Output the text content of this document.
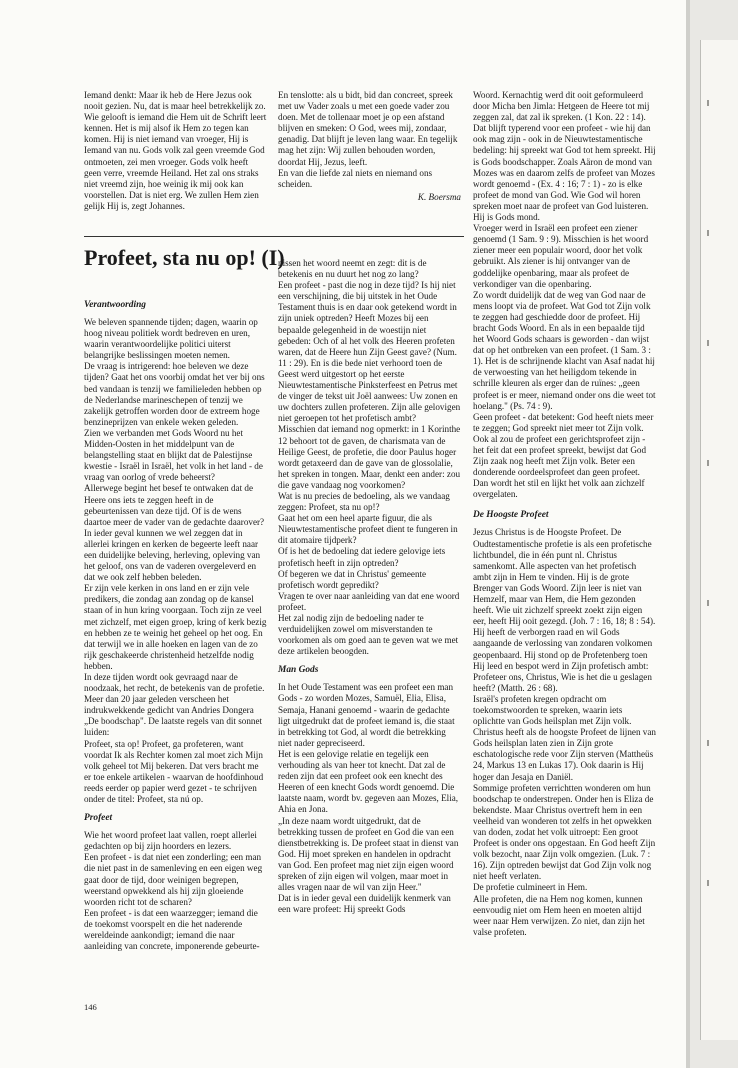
Iemand denkt: Maar ik heb de Here Jezus ook nooit gezien. Nu, dat is maar heel betrekkelijk zo. Wie gelooft is iemand die Hem uit de Schrift leert kennen. Het is mij alsof ik Hem zo tegen kan komen. Hij is niet iemand van vroeger, Hij is Iemand van nu. Gods volk zal geen vreemde God ontmoeten, zei men vroeger. Gods volk heeft geen verre, vreemde Heiland. Het zal ons straks niet vreemd zijn, hoe weinig ik mij ook kan voorstellen. Dat is niet erg. We zullen Hem zien gelijk Hij is, zegt Johannes.

En tenslotte: als u bidt, bid dan concreet, spreek met uw Vader zoals u met een goede vader zou doen. Met de tollenaar moet je op een afstand blijven en smeken: O God, wees mij, zondaar, genadig. Dat blijft je leven lang waar. En tegelijk mag het zijn: Wij zullen behouden worden, doordat Hij, Jezus, leeft.

En van die liefde zal niets en niemand ons scheiden.

K. Boersma

Profeet, sta nu op! (I)
Verantwoording

We beleven spannende tijden; dagen, waarin op hoog niveau politiek wordt bedreven en uren, waarin verantwoordelijke politici uiterst belangrijke beslissingen moeten nemen.

De vraag is intrigerend: hoe beleven we deze tijden? Gaat het ons voorbij omdat het ver bij ons bed vandaan is tenzij we familieleden hebben op de Nederlandse marineschepen of tenzij we zakelijk getroffen worden door de extreem hoge benzineprijzen van enkele weken geleden.

Zien we verbanden met Gods Woord nu het Midden-Oosten in het middelpunt van de belangstelling staat en blijkt dat de Palestijnse kwestie - Israël in Israël, het volk in het land - de vraag van oorlog of vrede beheerst?

Allerwege begint het besef te ontwaken dat de Heere ons iets te zeggen heeft in de gebeurtenissen van deze tijd. Of is de wens daartoe meer de vader van de gedachte daarover?

In ieder geval kunnen we wel zeggen dat in allerlei kringen en kerken de begeerte leeft naar een duidelijke beleving, herleving, opleving van het geloof, ons van de vaderen overgeleverd en dat we ook zelf hebben beleden.

Er zijn vele kerken in ons land en er zijn vele predikers, die zondag aan zondag op de kansel staan of in hun kring voorgaan. Toch zijn ze veel met zichzelf, met eigen groep, kring of kerk bezig en hebben ze te weinig het geheel op het oog. En dat terwijl we in alle hoeken en lagen van de zo rijk geschakeerde christenheid hetzelfde nodig hebben.

In deze tijden wordt ook gevraagd naar de noodzaak, het recht, de betekenis van de profetie.

Meer dan 20 jaar geleden verscheen het indrukwekkende gedicht van Andries Dongera „De boodschap". De laatste regels van dit sonnet luiden:

Profeet, sta op! Profeet, ga profeteren, want voordat Ik als Rechter komen zal moet zich Mijn volk geheel tot Mij bekeren. Dat vers bracht me er toe enkele artikelen - waarvan de hoofdinhoud reeds eerder op papier werd gezet - te schrijven onder de titel: Profeet, sta nú op.

Profeet

Wie het woord profeet laat vallen, roept allerlei gedachten op bij zijn hoorders en lezers.

Een profeet - is dat niet een zonderling; een man die niet past in de samenleving en een eigen weg gaat door de tijd, door weinigen begrepen, weerstand opwekkend als hij zijn gloeiende woorden richt tot de scharen?

Een profeet - is dat een waarzegger; iemand die de toekomst voorspelt en die het naderende wereldeinde aankondigt; iemand die naar aanleiding van concrete, imponerende gebeurte-

nissen het woord neemt en zegt: dit is de betekenis en nu duurt het nog zo lang?

Een profeet - past die nog in deze tijd? Is hij niet een verschijning, die bij uitstek in het Oude Testament thuis is en daar ook getekend wordt in zijn uniek optreden? Heeft Mozes bij een bepaalde gelegenheid in de woestijn niet gebeden: Och of al het volk des Heeren profeten waren, dat de Heere hun Zijn Geest gave? (Num. 11 : 29). En is die bede niet verhoord toen de Geest werd uitgestort op het eerste Nieuwtestamentische Pinksterfeest en Petrus met de vinger de tekst uit Joël aanwees: Uw zonen en uw dochters zullen profeteren. Zijn alle gelovigen niet geroepen tot het profetisch ambt?

Misschien dat iemand nog opmerkt: in 1 Korinthe 12 behoort tot de gaven, de charismata van de Heilige Geest, de profetie, die door Paulus hoger wordt getaxeerd dan de gave van de glossolalie, het spreken in tongen. Maar, denkt een ander: zou die gave vandaag nog voorkomen?

Wat is nu precies de bedoeling, als we vandaag zeggen: Profeet, sta nu op!?

Gaat het om een heel aparte figuur, die als Nieuwtestamentische profeet dient te fungeren in dit atomaire tijdperk?

Of is het de bedoeling dat iedere gelovige iets profetisch heeft in zijn optreden?

Of begeren we dat in Christus' gemeente profetisch wordt gepredikt?

Vragen te over naar aanleiding van dat ene woord profeet.

Het zal nodig zijn de bedoeling nader te verduidelijken zowel om misverstanden te voorkomen als om goed aan te geven wat we met deze artikelen beoogden.

Man Gods

In het Oude Testament was een profeet een man Gods - zo worden Mozes, Samuël, Elia, Elisa, Semaja, Hanani genoemd - waarin de gedachte ligt uitgedrukt dat de profeet iemand is, die staat in betrekking tot God, al wordt die betrekking niet nader gepreciseerd.

Het is een gelovige relatie en tegelijk een verhouding als van heer tot knecht. Dat zal de reden zijn dat een profeet ook een knecht des Heeren of een knecht Gods wordt genoemd. Die laatste naam, wordt bv. gegeven aan Mozes, Elia, Ahia en Jona.

„In deze naam wordt uitgedrukt, dat de betrekking tussen de profeet en God die van een dienstbetrekking is. De profeet staat in dienst van God. Hij moet spreken en handelen in opdracht van God. Een profeet mag niet zijn eigen woord spreken of zijn eigen wil volgen, maar moet in alles vragen naar de wil van zijn Heer."

Dat is in ieder geval een duidelijk kenmerk van een ware profeet: Hij spreekt Gods

Woord. Kernachtig werd dit ooit geformuleerd door Micha ben Jimla: Hetgeen de Heere tot mij zeggen zal, dat zal ik spreken. (1 Kon. 22 : 14).

Dat blijft typerend voor een profeet - wie hij dan ook mag zijn - ook in de Nieuwtestamentische bedeling: hij spreekt wat God tot hem spreekt. Hij is Gods boodschapper. Zoals Aäron de mond van Mozes was en daarom zelfs de profeet van Mozes wordt genoemd - (Ex. 4 : 16; 7 : 1) - zo is elke profeet de mond van God. Wie God wil horen spreken moet naar de profeet van God luisteren. Hij is Gods mond.

Vroeger werd in Israël een profeet een ziener genoemd (1 Sam. 9 : 9). Misschien is het woord ziener meer een populair woord, door het volk gebruikt. Als ziener is hij ontvanger van de goddelijke openbaring, maar als profeet de verkondiger van die openbaring.

Zo wordt duidelijk dat de weg van God naar de mens loopt via de profeet. Wat God tot Zijn volk te zeggen had geschiedde door de profeet. Hij bracht Gods Woord. En als in een bepaalde tijd het Woord Gods schaars is geworden - dan wijst dat op het ontbreken van een profeet. (1 Sam. 3 : 1). Het is de schrijnende klacht van Asaf nadat hij de verwoesting van het heiligdom tekende in schrille kleuren als erger dan de ruïnes: „geen profeet is er meer, niemand onder ons die weet tot hoelang." (Ps. 74 : 9).

Geen profeet - dat betekent: God heeft niets meer te zeggen; God spreekt niet meer tot Zijn volk. Ook al zou de profeet een gerichtsprofeet zijn - het feit dat een profeet spreekt, bewijst dat God Zijn zaak nog heeft met Zijn volk. Beter een donderende oordeelsprofeet dan geen profeet. Dan wordt het stil en lijkt het volk aan zichzelf overgelaten.

De Hoogste Profeet

Jezus Christus is de Hoogste Profeet. De Oudtestamentische profetie is als een profetische lichtbundel, die in één punt nl. Christus samenkomt. Alle aspecten van het profetisch ambt zijn in Hem te vinden. Hij is de grote Brenger van Gods Woord. Zijn leer is niet van Hemzelf, maar van Hem, die Hem gezonden heeft. Wie uit zichzelf spreekt zoekt zijn eigen eer, heeft Hij ooit gezegd. (Joh. 7 : 16, 18; 8 : 54). Hij heeft de verborgen raad en wil Gods aangaande de verlossing van zondaren volkomen geopenbaard. Hij stond op de Profetenberg toen Hij leed en bespot werd in Zijn profetisch ambt: Profeteer ons, Christus, Wie is het die u geslagen heeft? (Matth. 26 : 68).

Israël's profeten kregen opdracht om toekomstwoorden te spreken, waarin iets oplichtte van Gods heilsplan met Zijn volk. Christus heeft als de hoogste Profeet de lijnen van Gods heilsplan laten zien in Zijn grote eschatologische rede voor Zijn sterven (Mattheüs 24, Markus 13 en Lukas 17). Ook daarin is Hij hoger dan Jesaja en Daniël.

Sommige profeten verrichtten wonderen om hun boodschap te onderstrepen. Onder hen is Eliza de bekendste. Maar Christus overtreft hem in een veelheid van wonderen tot zelfs in het opwekken van doden, zodat het volk uitroept: Een groot Profeet is onder ons opgestaan. En God heeft Zijn volk bezocht, naar Zijn volk omgezien. (Luk. 7 : 16). Zijn optreden bewijst dat God Zijn volk nog niet heeft verlaten.

De profetie culmineert in Hem.

Alle profeten, die na Hem nog komen, kunnen eenvoudig niet om Hem heen en moeten altijd weer naar Hem verwijzen. Zo niet, dan zijn het valse profeten.

146
